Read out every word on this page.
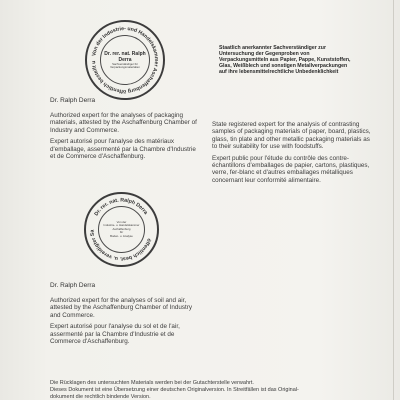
Von der Industrie- und Handelskammer Aschaffenburg öffentlich bestellt u
Dr. rer. nat. Ralph Derra
Sachverständiger für
Verpackungsmaterialien
Dr. Ralph Derra

Authorized expert for the analyses of packaging materials, attested by the Aschaffenburg Chamber of Industry and Commerce.

Expert autorisé pour l'analyse des matériaux d'emballage, assermenté par la Chambre d'Industrie et de Commerce d'Aschaffenburg.

Staatlich anerkannter Sachverständiger zur Untersuchung der Gegenproben von Verpackungsmitteln aus Papier, Pappe, Kunststoffen, Glas, Weißblech und sonstigen Metallverpackungen auf ihre lebensmittelrechtliche Unbedenklichkeit

State registered expert for the analysis of contrasting samples of packaging materials of paper, board, plastics, glass, tin plate and other metallic packaging materials as to their suitability for use with foodstuffs.

Expert public pour l'étude du contrôle des contre-échantillons d'emballages de papier, cartons, plastiques, verre, fer-blanc et d'autres emballages métalliques concernant leur conformité alimentaire.

Dr. rer. nat. Ralph Derra
öffentlich best. u. vereidigter Sa
Von der
Industrie- u. Handelskammer
Aschaffenburg
für
Boden- u. Analyse
Dr. Ralph Derra

Authorized expert for the analyses of soil and air, attested by the Aschaffenburg Chamber of Industry and Commerce.

Expert autorisé pour l'analyse du sol et de l'air, assermenté par la Chambre d'Industrie et de Commerce d'Aschaffenburg.

Die Rücklagen des untersuchten Materials werden bei der Gutachterstelle verwahrt.
Dieses Dokument ist eine Übersetzung einer deutschen Originalversion. In Streitfällen ist das Original-
dokument die rechtlich bindende Version.
